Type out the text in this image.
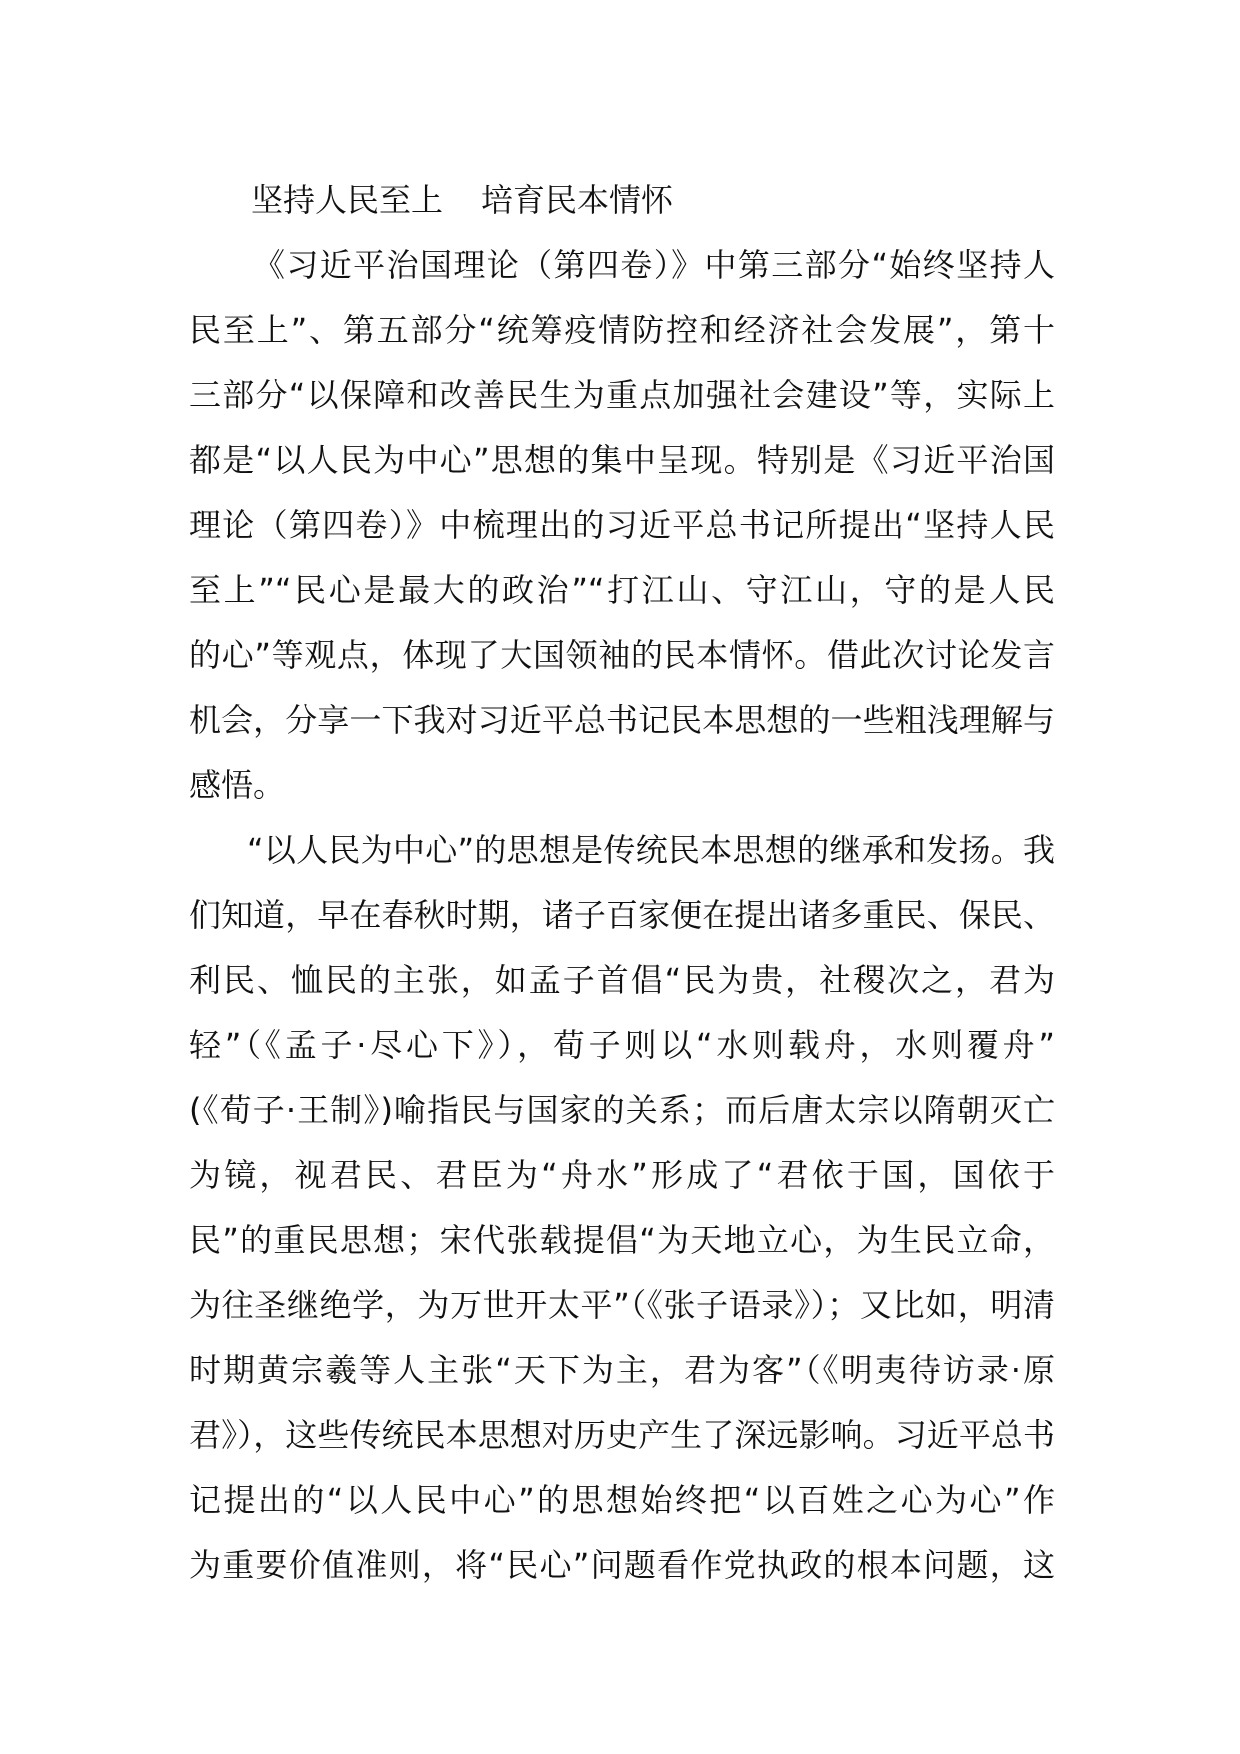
坚持人民至上 培育民本情怀

《习近平治国理论（第四卷）》中第三部分“始终坚持人
民至上”、第五部分“统筹疫情防控和经济社会发展”，第十
三部分“以保障和改善民生为重点加强社会建设”等，实际上
都是“以人民为中心”思想的集中呈现。特别是《习近平治国
理论（第四卷）》中梳理出的习近平总书记所提出“坚持人民
至上”“民心是最大的政治”“打江山、守江山，守的是人民
的心”等观点，体现了大国领袖的民本情怀。借此次讨论发言
机会，分享一下我对习近平总书记民本思想的一些粗浅理解与
感悟。

“以人民为中心”的思想是传统民本思想的继承和发扬。我
们知道，早在春秋时期，诸子百家便在提出诸多重民、保民、
利民、恤民的主张，如孟子首倡“民为贵，社稷次之，君为
轻”（《孟子·尽心下》），荀子则以“水则载舟，水则覆舟”
(《荀子·王制》)喻指民与国家的关系；而后唐太宗以隋朝灭亡
为镜，视君民、君臣为“舟水”形成了“君依于国，国依于
民”的重民思想；宋代张载提倡“为天地立心，为生民立命，
为往圣继绝学，为万世开太平”（《张子语录》）；又比如，明清
时期黄宗羲等人主张“天下为主，君为客”（《明夷待访录·原
君》），这些传统民本思想对历史产生了深远影响。习近平总书
记提出的“以人民中心”的思想始终把“以百姓之心为心”作
为重要价值准则，将“民心”问题看作党执政的根本问题，这
